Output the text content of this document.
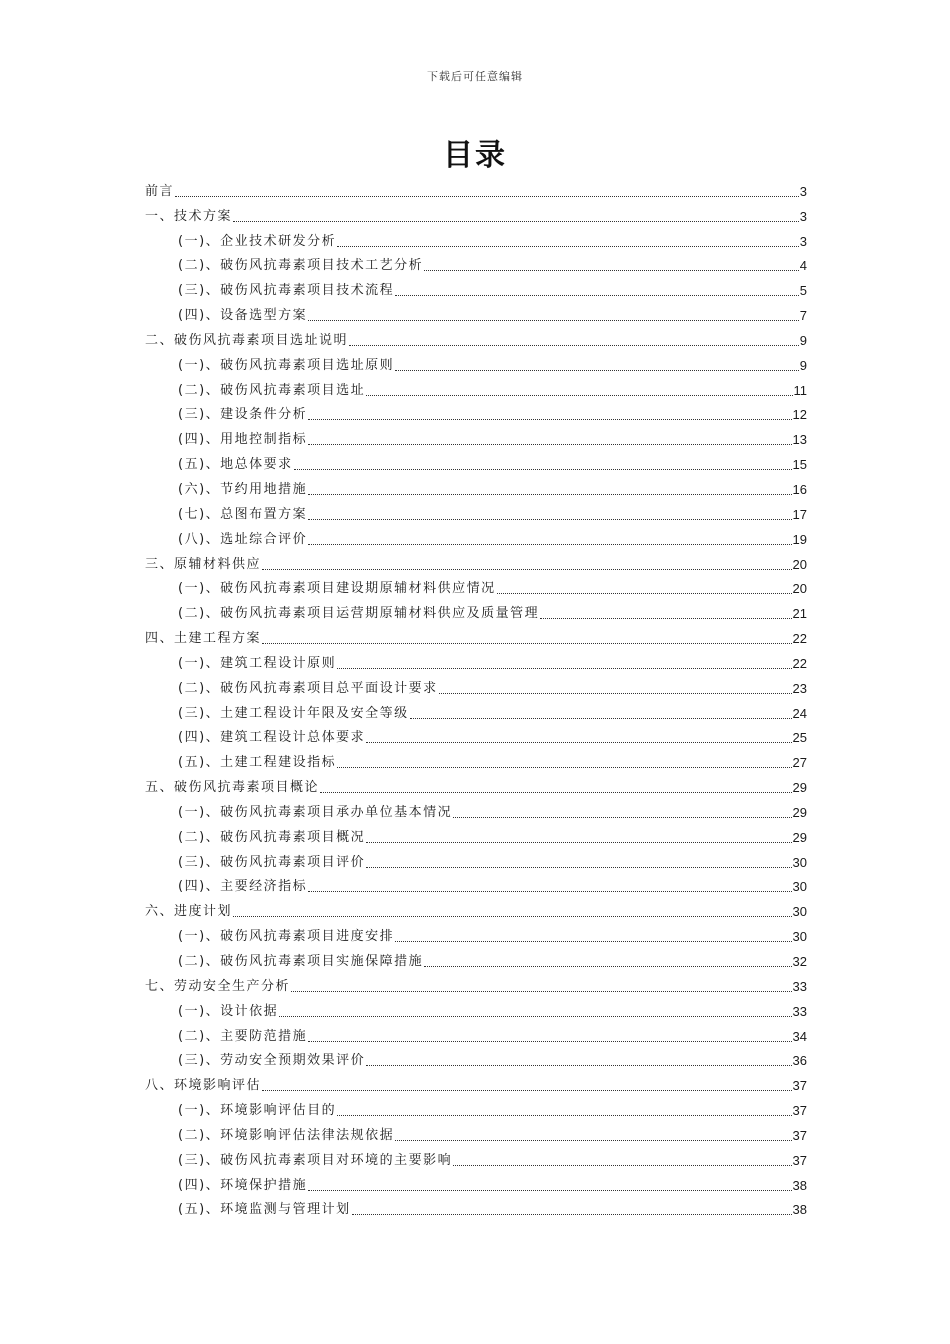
下载后可任意编辑
目录
前言	3
一、技术方案	3
(一)、企业技术研发分析	3
(二)、破伤风抗毒素项目技术工艺分析	4
(三)、破伤风抗毒素项目技术流程	5
(四)、设备选型方案	7
二、破伤风抗毒素项目选址说明	9
(一)、破伤风抗毒素项目选址原则	9
(二)、破伤风抗毒素项目选址	11
(三)、建设条件分析	12
(四)、用地控制指标	13
(五)、地总体要求	15
(六)、节约用地措施	16
(七)、总图布置方案	17
(八)、选址综合评价	19
三、原辅材料供应	20
(一)、破伤风抗毒素项目建设期原辅材料供应情况	20
(二)、破伤风抗毒素项目运营期原辅材料供应及质量管理	21
四、土建工程方案	22
(一)、建筑工程设计原则	22
(二)、破伤风抗毒素项目总平面设计要求	23
(三)、土建工程设计年限及安全等级	24
(四)、建筑工程设计总体要求	25
(五)、土建工程建设指标	27
五、破伤风抗毒素项目概论	29
(一)、破伤风抗毒素项目承办单位基本情况	29
(二)、破伤风抗毒素项目概况	29
(三)、破伤风抗毒素项目评价	30
(四)、主要经济指标	30
六、进度计划	30
(一)、破伤风抗毒素项目进度安排	30
(二)、破伤风抗毒素项目实施保障措施	32
七、劳动安全生产分析	33
(一)、设计依据	33
(二)、主要防范措施	34
(三)、劳动安全预期效果评价	36
八、环境影响评估	37
(一)、环境影响评估目的	37
(二)、环境影响评估法律法规依据	37
(三)、破伤风抗毒素项目对环境的主要影响	37
(四)、环境保护措施	38
(五)、环境监测与管理计划	38
